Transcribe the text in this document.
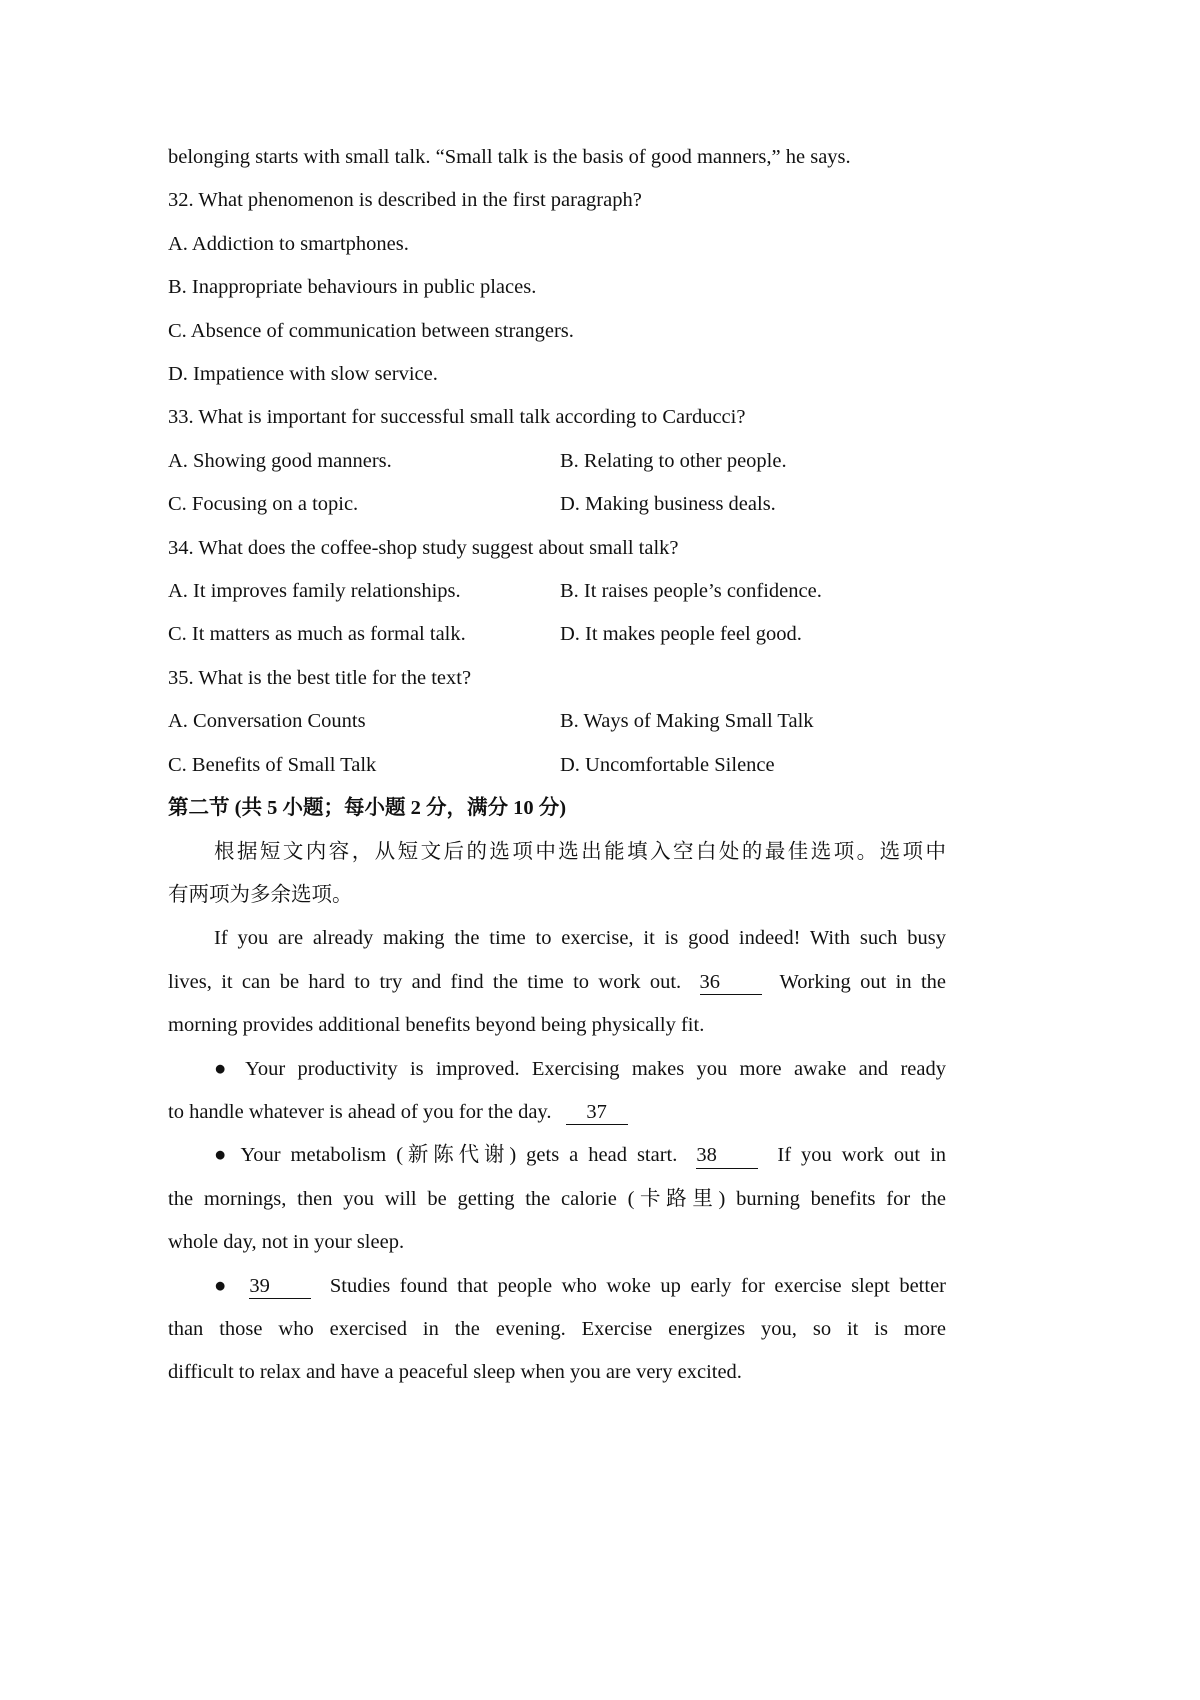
belonging starts with small talk. “Small talk is the basis of good manners,” he says.
32. What phenomenon is described in the first paragraph?
A. Addiction to smartphones.
B. Inappropriate behaviours in public places.
C. Absence of communication between strangers.
D. Impatience with slow service.
33. What is important for successful small talk according to Carducci?
A. Showing good manners.	B. Relating to other people.
C. Focusing on a topic.	D. Making business deals.
34. What does the coffee-shop study suggest about small talk?
A. It improves family relationships.	B. It raises people’s confidence.
C. It matters as much as formal talk.	D. It makes people feel good.
35. What is the best title for the text?
A. Conversation Counts	B. Ways of Making Small Talk
C. Benefits of Small Talk	D. Uncomfortable Silence
第二节 (共 5 小题；每小题 2 分，满分 10 分)
根据短文内容，从短文后的选项中选出能填入空白处的最佳选项。选项中
有两项为多余选项。
If you are already making the time to exercise, it is good indeed! With such busy
lives, it can be hard to try and find the time to work out. 36	Working out in the
morning provides additional benefits beyond being physically fit.
● Your productivity is improved. Exercising makes you more awake and ready
to handle whatever is ahead of you for the day. 37
● Your metabolism (新陈代谢) gets a head start. 38	If you work out in
the mornings, then you will be getting the calorie (卡路里) burning benefits for the
whole day, not in your sleep.
● 39	Studies found that people who woke up early for exercise slept better
than those who exercised in the evening. Exercise energizes you, so it is more
difficult to relax and have a peaceful sleep when you are very excited.
